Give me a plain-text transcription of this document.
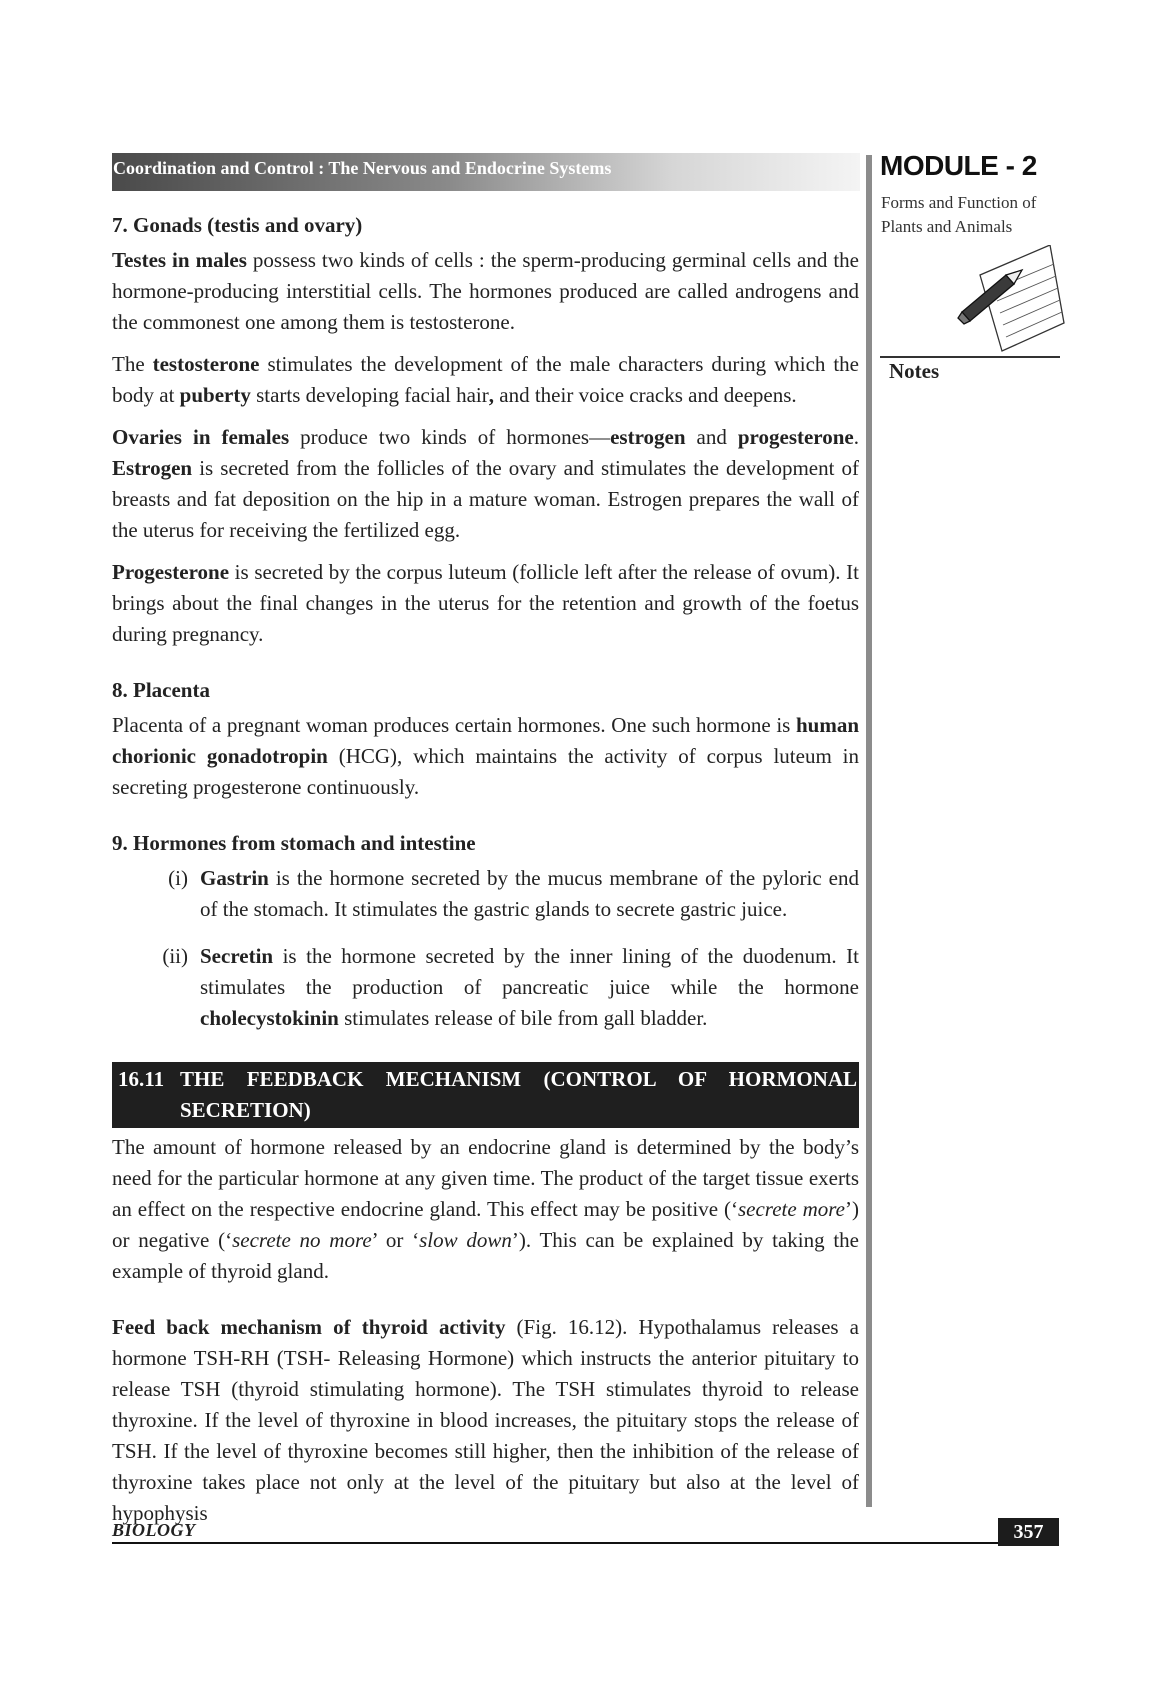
Coordination and Control : The Nervous and Endocrine Systems	MODULE - 2
Forms and Function of Plants and Animals
Notes
7. Gonads (testis and ovary)

Testes in males possess two kinds of cells : the sperm-producing germinal cells and the hormone-producing interstitial cells. The hormones produced are called androgens and the commonest one among them is testosterone.

The testosterone stimulates the development of the male characters during which the body at puberty starts developing facial hair, and their voice cracks and deepens.

Ovaries in females produce two kinds of hormones—estrogen and progesterone. Estrogen is secreted from the follicles of the ovary and stimulates the development of breasts and fat deposition on the hip in a mature woman. Estrogen prepares the wall of the uterus for receiving the fertilized egg.

Progesterone is secreted by the corpus luteum (follicle left after the release of ovum). It brings about the final changes in the uterus for the retention and growth of the foetus during pregnancy.

8. Placenta

Placenta of a pregnant woman produces certain hormones. One such hormone is human chorionic gonadotropin (HCG), which maintains the activity of corpus luteum in secreting progesterone continuously.

9. Hormones from stomach and intestine
(i) Gastrin is the hormone secreted by the mucus membrane of the pyloric end of the stomach. It stimulates the gastric glands to secrete gastric juice.
(ii) Secretin is the hormone secreted by the inner lining of the duodenum. It stimulates the production of pancreatic juice while the hormone cholecystokinin stimulates release of bile from gall bladder.
16.11 THE FEEDBACK MECHANISM (CONTROL OF HORMONAL SECRETION)

The amount of hormone released by an endocrine gland is determined by the body’s need for the particular hormone at any given time. The product of the target tissue exerts an effect on the respective endocrine gland. This effect may be positive (‘secrete more’) or negative (‘secrete no more’ or ‘slow down’). This can be explained by taking the example of thyroid gland.

Feed back mechanism of thyroid activity (Fig. 16.12). Hypothalamus releases a hormone TSH-RH (TSH- Releasing Hormone) which instructs the anterior pituitary to release TSH (thyroid stimulating hormone). The TSH stimulates thyroid to release thyroxine. If the level of thyroxine in blood increases, the pituitary stops the release of TSH. If the level of thyroxine becomes still higher, then the inhibition of the release of thyroxine takes place not only at the level of the pituitary but also at the level of hypophysis

BIOLOGY	357
